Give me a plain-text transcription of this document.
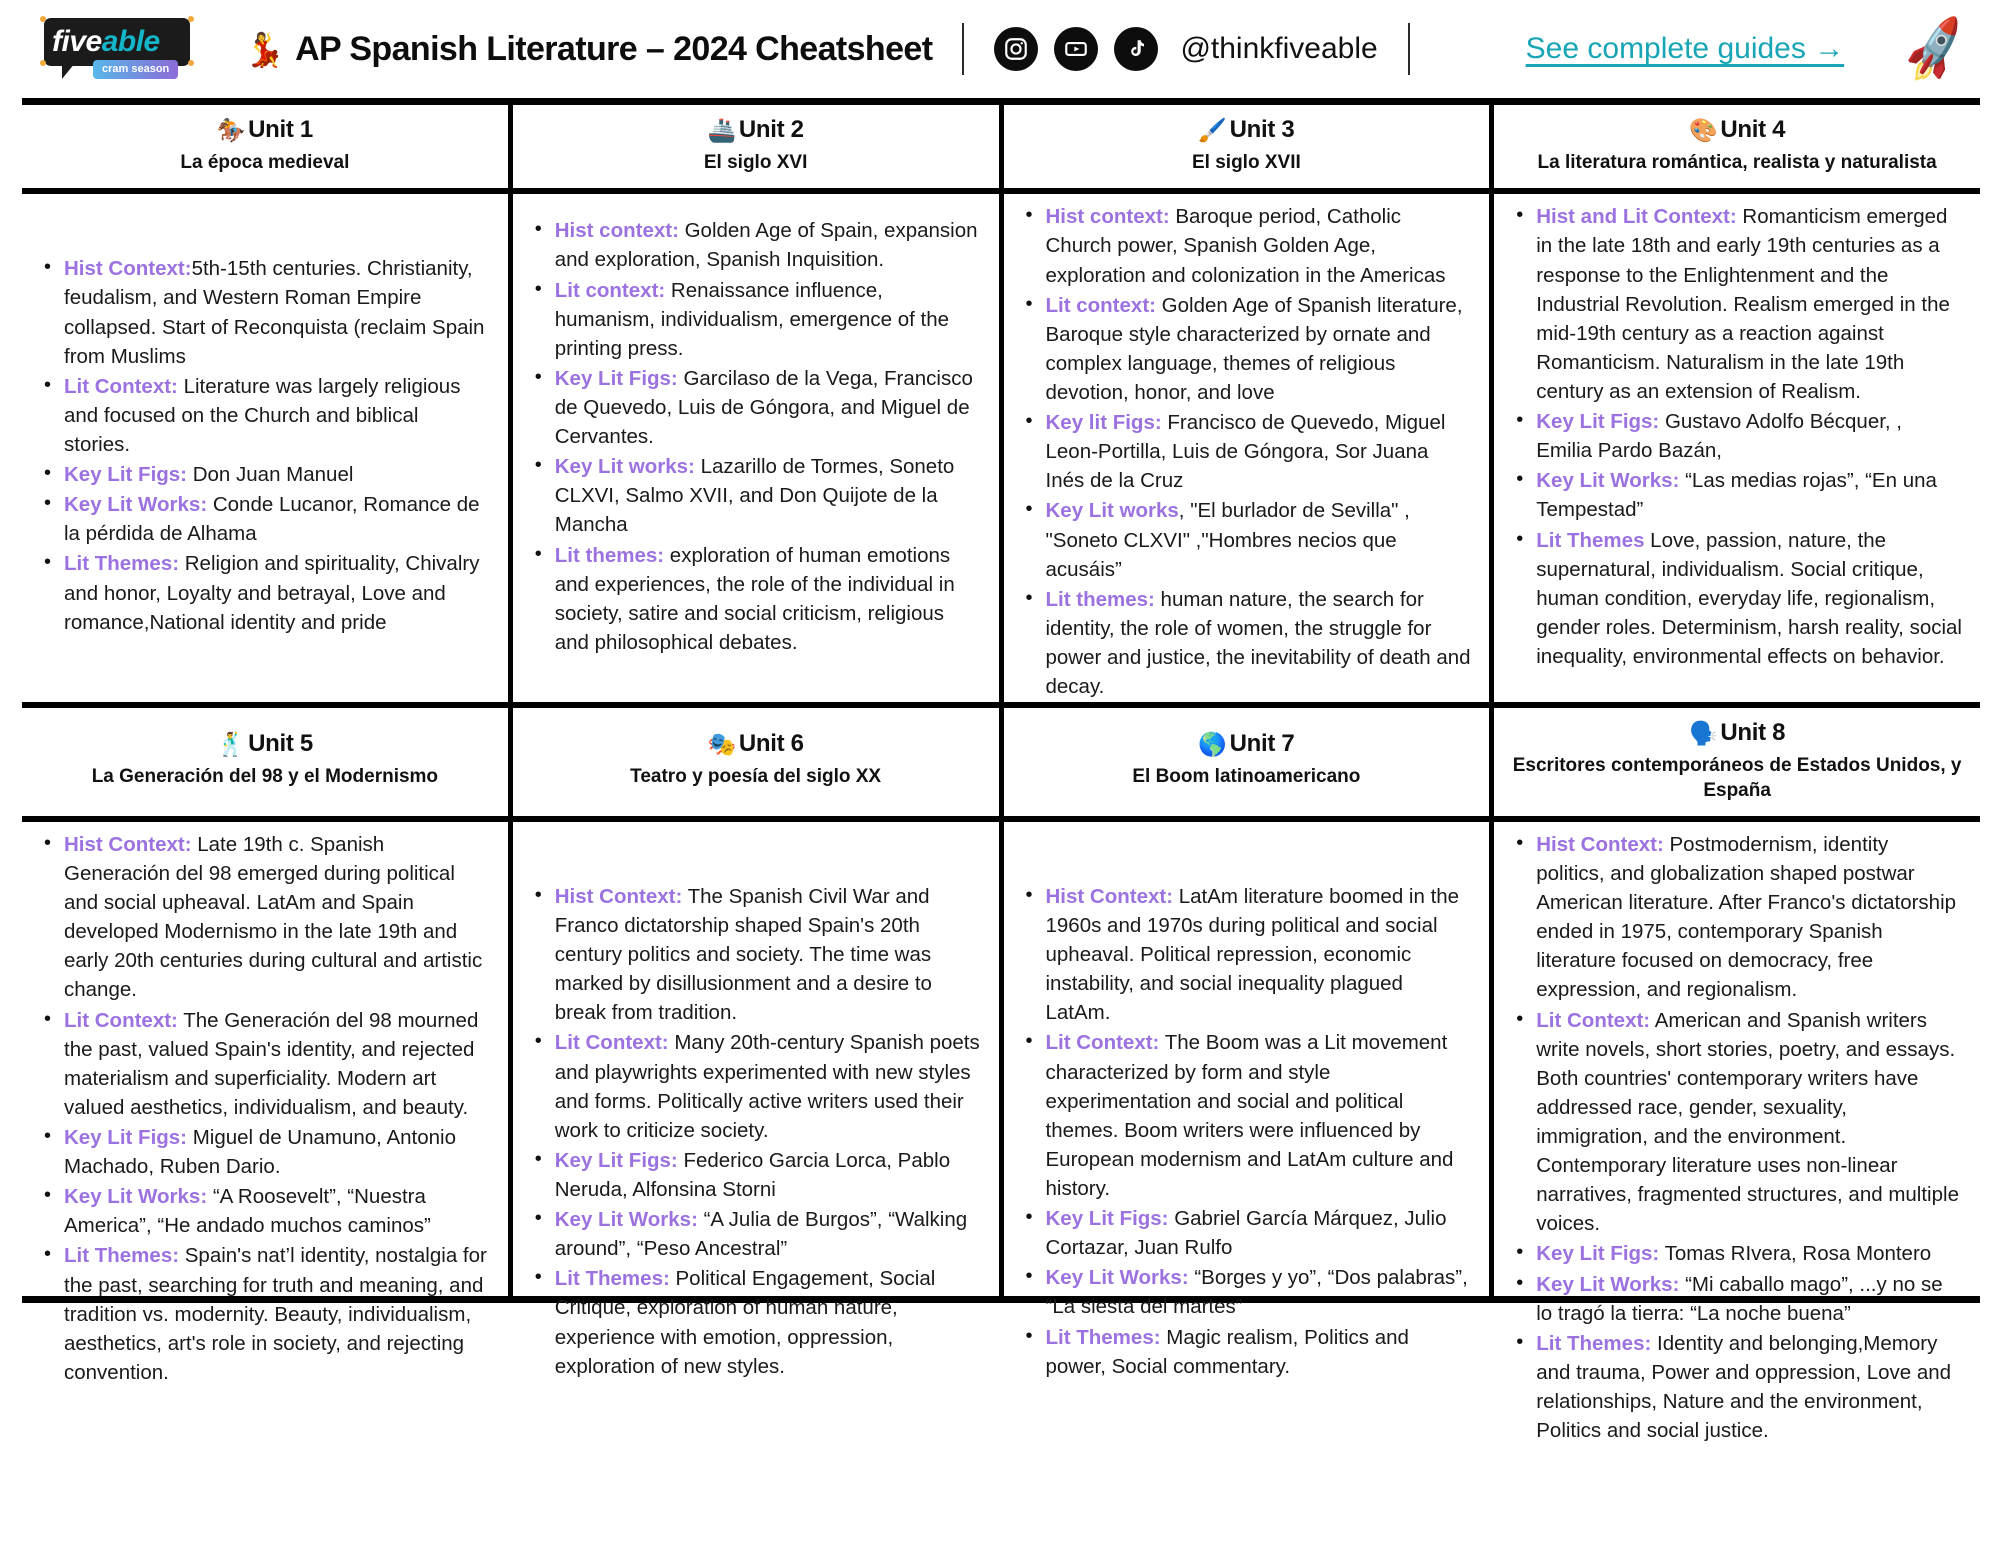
fiveable
cram season
💃 AP Spanish Literature – 2024 Cheatsheet	@thinkfiveable	See complete guides → 🚀
🏇 Unit 1
La época medieval
🚢 Unit 2
El siglo XVI
🖌️ Unit 3
El siglo XVII
🎨 Unit 4
La literatura romántica, realista y naturalista
• Hist Context:5th-15th centuries. Christianity, feudalism, and Western Roman Empire collapsed. Start of Reconquista (reclaim Spain from Muslims
• Lit Context: Literature was largely religious and focused on the Church and biblical stories.
• Key Lit Figs: Don Juan Manuel
• Key Lit Works: Conde Lucanor, Romance de la pérdida de Alhama
• Lit Themes: Religion and spirituality, Chivalry and honor, Loyalty and betrayal, Love and romance,National identity and pride
• Hist context: Golden Age of Spain, expansion and exploration, Spanish Inquisition.
• Lit context: Renaissance influence, humanism, individualism, emergence of the printing press.
• Key Lit Figs: Garcilaso de la Vega, Francisco de Quevedo, Luis de Góngora, and Miguel de Cervantes.
• Key Lit works: Lazarillo de Tormes, Soneto CLXVI, Salmo XVII, and Don Quijote de la Mancha
• Lit themes: exploration of human emotions and experiences, the role of the individual in society, satire and social criticism, religious and philosophical debates.
• Hist context: Baroque period, Catholic Church power, Spanish Golden Age, exploration and colonization in the Americas
• Lit context: Golden Age of Spanish literature, Baroque style characterized by ornate and complex language, themes of religious devotion, honor, and love
• Key lit Figs: Francisco de Quevedo, Miguel Leon-Portilla, Luis de Góngora, Sor Juana Inés de la Cruz
• Key Lit works, "El burlador de Sevilla" , "Soneto CLXVI" ,"Hombres necios que acusáis”
• Lit themes: human nature, the search for identity, the role of women, the struggle for power and justice, the inevitability of death and decay.
• Hist and Lit Context: Romanticism emerged in the late 18th and early 19th centuries as a response to the Enlightenment and the Industrial Revolution. Realism emerged in the mid-19th century as a reaction against Romanticism. Naturalism in the late 19th century as an extension of Realism.
• Key Lit Figs: Gustavo Adolfo Bécquer, , Emilia Pardo Bazán,
• Key Lit Works: “Las medias rojas”, “En una Tempestad”
• Lit Themes Love, passion, nature, the supernatural, individualism. Social critique, human condition, everyday life, regionalism, gender roles. Determinism, harsh reality, social inequality, environmental effects on behavior.
🕺 Unit 5
La Generación del 98 y el Modernismo
🎭 Unit 6
Teatro y poesía del siglo XX
🌎 Unit 7
El Boom latinoamericano
🗣️ Unit 8
Escritores contemporáneos de Estados Unidos, y España
• Hist Context: Late 19th c. Spanish Generación del 98 emerged during political and social upheaval. LatAm and Spain developed Modernismo in the late 19th and early 20th centuries during cultural and artistic change.
• Lit Context: The Generación del 98 mourned the past, valued Spain's identity, and rejected materialism and superficiality. Modern art valued aesthetics, individualism, and beauty.
• Key Lit Figs: Miguel de Unamuno, Antonio Machado, Ruben Dario.
• Key Lit Works: “A Roosevelt”, “Nuestra America”, “He andado muchos caminos”
• Lit Themes: Spain's nat’l identity, nostalgia for the past, searching for truth and meaning, and tradition vs. modernity. Beauty, individualism, aesthetics, art's role in society, and rejecting convention.
• Hist Context: The Spanish Civil War and Franco dictatorship shaped Spain's 20th century politics and society. The time was marked by disillusionment and a desire to break from tradition.
• Lit Context: Many 20th-century Spanish poets and playwrights experimented with new styles and forms. Politically active writers used their work to criticize society.
• Key Lit Figs: Federico Garcia Lorca, Pablo Neruda, Alfonsina Storni
• Key Lit Works: “A Julia de Burgos”, “Walking around”, “Peso Ancestral”
• Lit Themes: Political Engagement, Social Critique, exploration of human nature, experience with emotion, oppression, exploration of new styles.
• Hist Context: LatAm literature boomed in the 1960s and 1970s during political and social upheaval. Political repression, economic instability, and social inequality plagued LatAm.
• Lit Context: The Boom was a Lit movement characterized by form and style experimentation and social and political themes. Boom writers were influenced by European modernism and LatAm culture and history.
• Key Lit Figs: Gabriel García Márquez, Julio Cortazar, Juan Rulfo
• Key Lit Works: “Borges y yo”, “Dos palabras”, “La siesta del martes”
• Lit Themes: Magic realism, Politics and power, Social commentary.
• Hist Context: Postmodernism, identity politics, and globalization shaped postwar American literature. After Franco's dictatorship ended in 1975, contemporary Spanish literature focused on democracy, free expression, and regionalism.
• Lit Context: American and Spanish writers write novels, short stories, poetry, and essays. Both countries' contemporary writers have addressed race, gender, sexuality, immigration, and the environment. Contemporary literature uses non-linear narratives, fragmented structures, and multiple voices.
• Key Lit Figs: Tomas RIvera, Rosa Montero
• Key Lit Works: “Mi caballo mago”, ...y no se lo tragó la tierra: “La noche buena”
• Lit Themes: Identity and belonging,Memory and trauma, Power and oppression, Love and relationships, Nature and the environment, Politics and social justice.
